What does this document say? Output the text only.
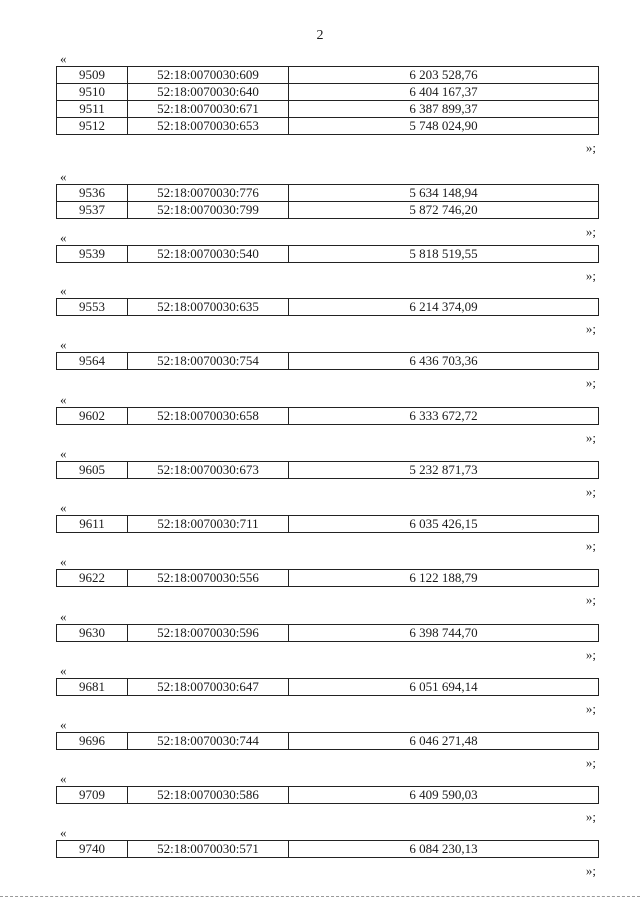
2
«
9509	52:18:0070030:609	6 203 528,76
9510	52:18:0070030:640	6 404 167,37
9511	52:18:0070030:671	6 387 899,37
9512	52:18:0070030:653	5 748 024,90
»;
«
9536	52:18:0070030:776	5 634 148,94
9537	52:18:0070030:799	5 872 746,20
»;
«
9539	52:18:0070030:540	5 818 519,55
»;
«
9553	52:18:0070030:635	6 214 374,09
»;
«
9564	52:18:0070030:754	6 436 703,36
»;
«
9602	52:18:0070030:658	6 333 672,72
»;
«
9605	52:18:0070030:673	5 232 871,73
»;
«
9611	52:18:0070030:711	6 035 426,15
»;
«
9622	52:18:0070030:556	6 122 188,79
»;
«
9630	52:18:0070030:596	6 398 744,70
»;
«
9681	52:18:0070030:647	6 051 694,14
»;
«
9696	52:18:0070030:744	6 046 271,48
»;
«
9709	52:18:0070030:586	6 409 590,03
»;
«
9740	52:18:0070030:571	6 084 230,13
»;
